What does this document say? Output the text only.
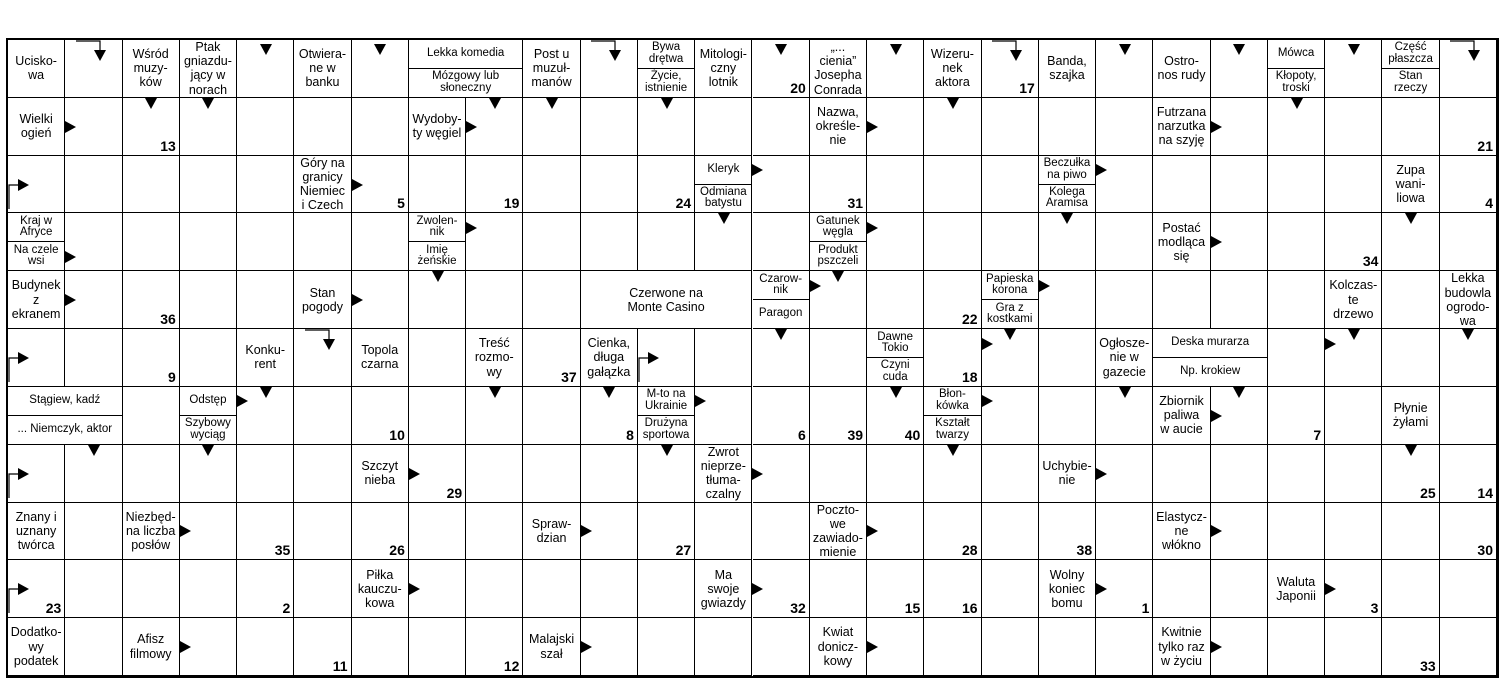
Ucisko-
wa
Wśród
muzy-
ków
Ptak
gniazdu-
jący w
norach
Otwiera-
ne w
banku
Lekka komedia
Mózgowy lub
słoneczny
Post u
muzuł-
manów
Bywa
drętwa
Życie,
istnienie
Mitologi-
czny
lotnik	20
„...
cienia”
Josepha
Conrada
Wizeru-
nek
aktora	17
Banda,
szajka
Ostro-
nos rudy
Mówca
Kłopoty,
troski
Część
płaszcza
Stan
rzeczy
Wielki
ogień
13
Wydoby-
ty węgiel
Nazwa,
określe-
nie
Futrzana
narzutka
na szyję	21
Góry na
granicy
Niemiec
i Czech	5	19	24
Kleryk
Odmiana
batystu	31
Beczułka
na piwo
Kolega
Aramisa
Zupa
wani-
liowa	4
Kraj w
Afryce
Na czele
wsi
Zwolen-
nik
Imię
żeńskie
Gatunek
węgla
Produkt
pszczeli
Postać
modląca
się	34
Budynek
z
ekranem	36
Stan
pogody
Czerwone na
Monte Casino
Czarow-
nik
Paragon	22
Papieska
korona
Gra z
kostkami
Kolczas-
te
drzewo
Lekka
budowla
ogrodo-
wa
9
Konku-
rent
Topola
czarna
Treść
rozmo-
wy	37
Cienka,
długa
gałązka
Dawne
Tokio
Czyni
cuda	18
Ogłosze-
nie w
gazecie
Deska murarza
Np. krokiew
Stągiew, kadź
... Niemczyk, aktor
Odstęp
Szybowy
wyciąg	10	8
M-to na
Ukrainie
Drużyna
sportowa	6	39	40
Błon-
kówka
Kształt
twarzy
Zbiornik
paliwa
w aucie	7
Płynie
żyłami
Szczyt
nieba
29
Zwrot
nieprze-
tłuma-
czalny
Uchybie-
nie
25	14
Znany i
uznany
twórca
Niezbęd-
na liczba
posłów	35	26
Spraw-
dzian
27
Poczto-
we
zawiado-
mienie	28	38
Elastycz-
ne
włókno	30
23	2
Piłka
kauczu-
kowa
Ma
swoje
gwiazdy	32	15	16
Wolny
koniec
bomu	1
Waluta
Japonii
3
Dodatko-
wy
podatek
Afisz
filmowy
11	12
Malajski
szał
Kwiat
donicz-
kowy
Kwitnie
tylko raz
w życiu	33
